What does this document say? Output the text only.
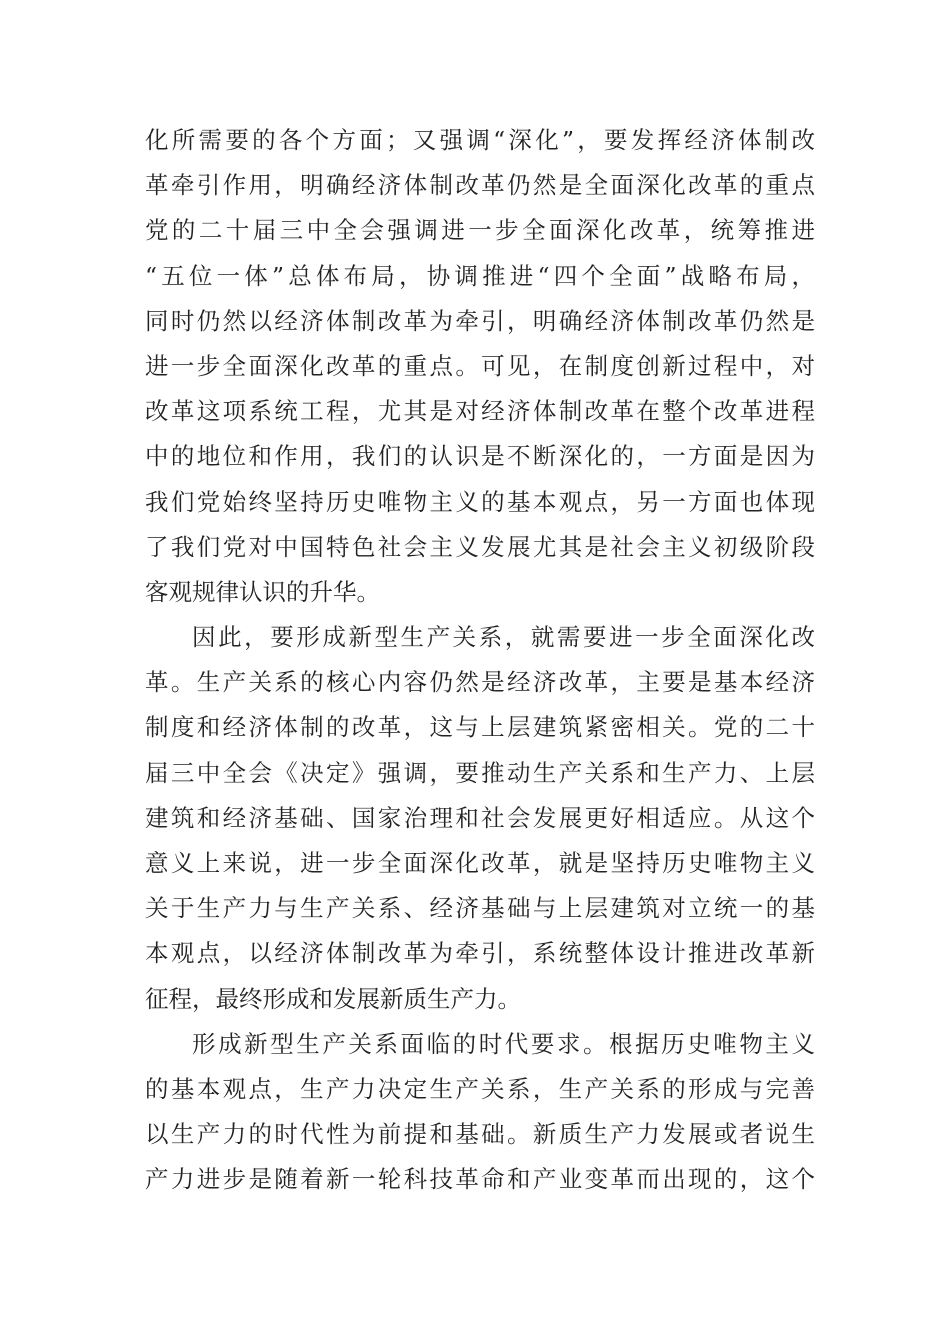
化所需要的各个方面；又强调“深化”，要发挥经济体制改
革牵引作用，明确经济体制改革仍然是全面深化改革的重点
党的二十届三中全会强调进一步全面深化改革，统筹推进
“五位一体”总体布局，协调推进“四个全面”战略布局，
同时仍然以经济体制改革为牵引，明确经济体制改革仍然是
进一步全面深化改革的重点。可见，在制度创新过程中，对
改革这项系统工程，尤其是对经济体制改革在整个改革进程
中的地位和作用，我们的认识是不断深化的，一方面是因为
我们党始终坚持历史唯物主义的基本观点，另一方面也体现
了我们党对中国特色社会主义发展尤其是社会主义初级阶段
客观规律认识的升华。
因此，要形成新型生产关系，就需要进一步全面深化改
革。生产关系的核心内容仍然是经济改革，主要是基本经济
制度和经济体制的改革，这与上层建筑紧密相关。党的二十
届三中全会《决定》强调，要推动生产关系和生产力、上层
建筑和经济基础、国家治理和社会发展更好相适应。从这个
意义上来说，进一步全面深化改革，就是坚持历史唯物主义
关于生产力与生产关系、经济基础与上层建筑对立统一的基
本观点，以经济体制改革为牵引，系统整体设计推进改革新
征程，最终形成和发展新质生产力。
形成新型生产关系面临的时代要求。根据历史唯物主义
的基本观点，生产力决定生产关系，生产关系的形成与完善
以生产力的时代性为前提和基础。新质生产力发展或者说生
产力进步是随着新一轮科技革命和产业变革而出现的，这个
